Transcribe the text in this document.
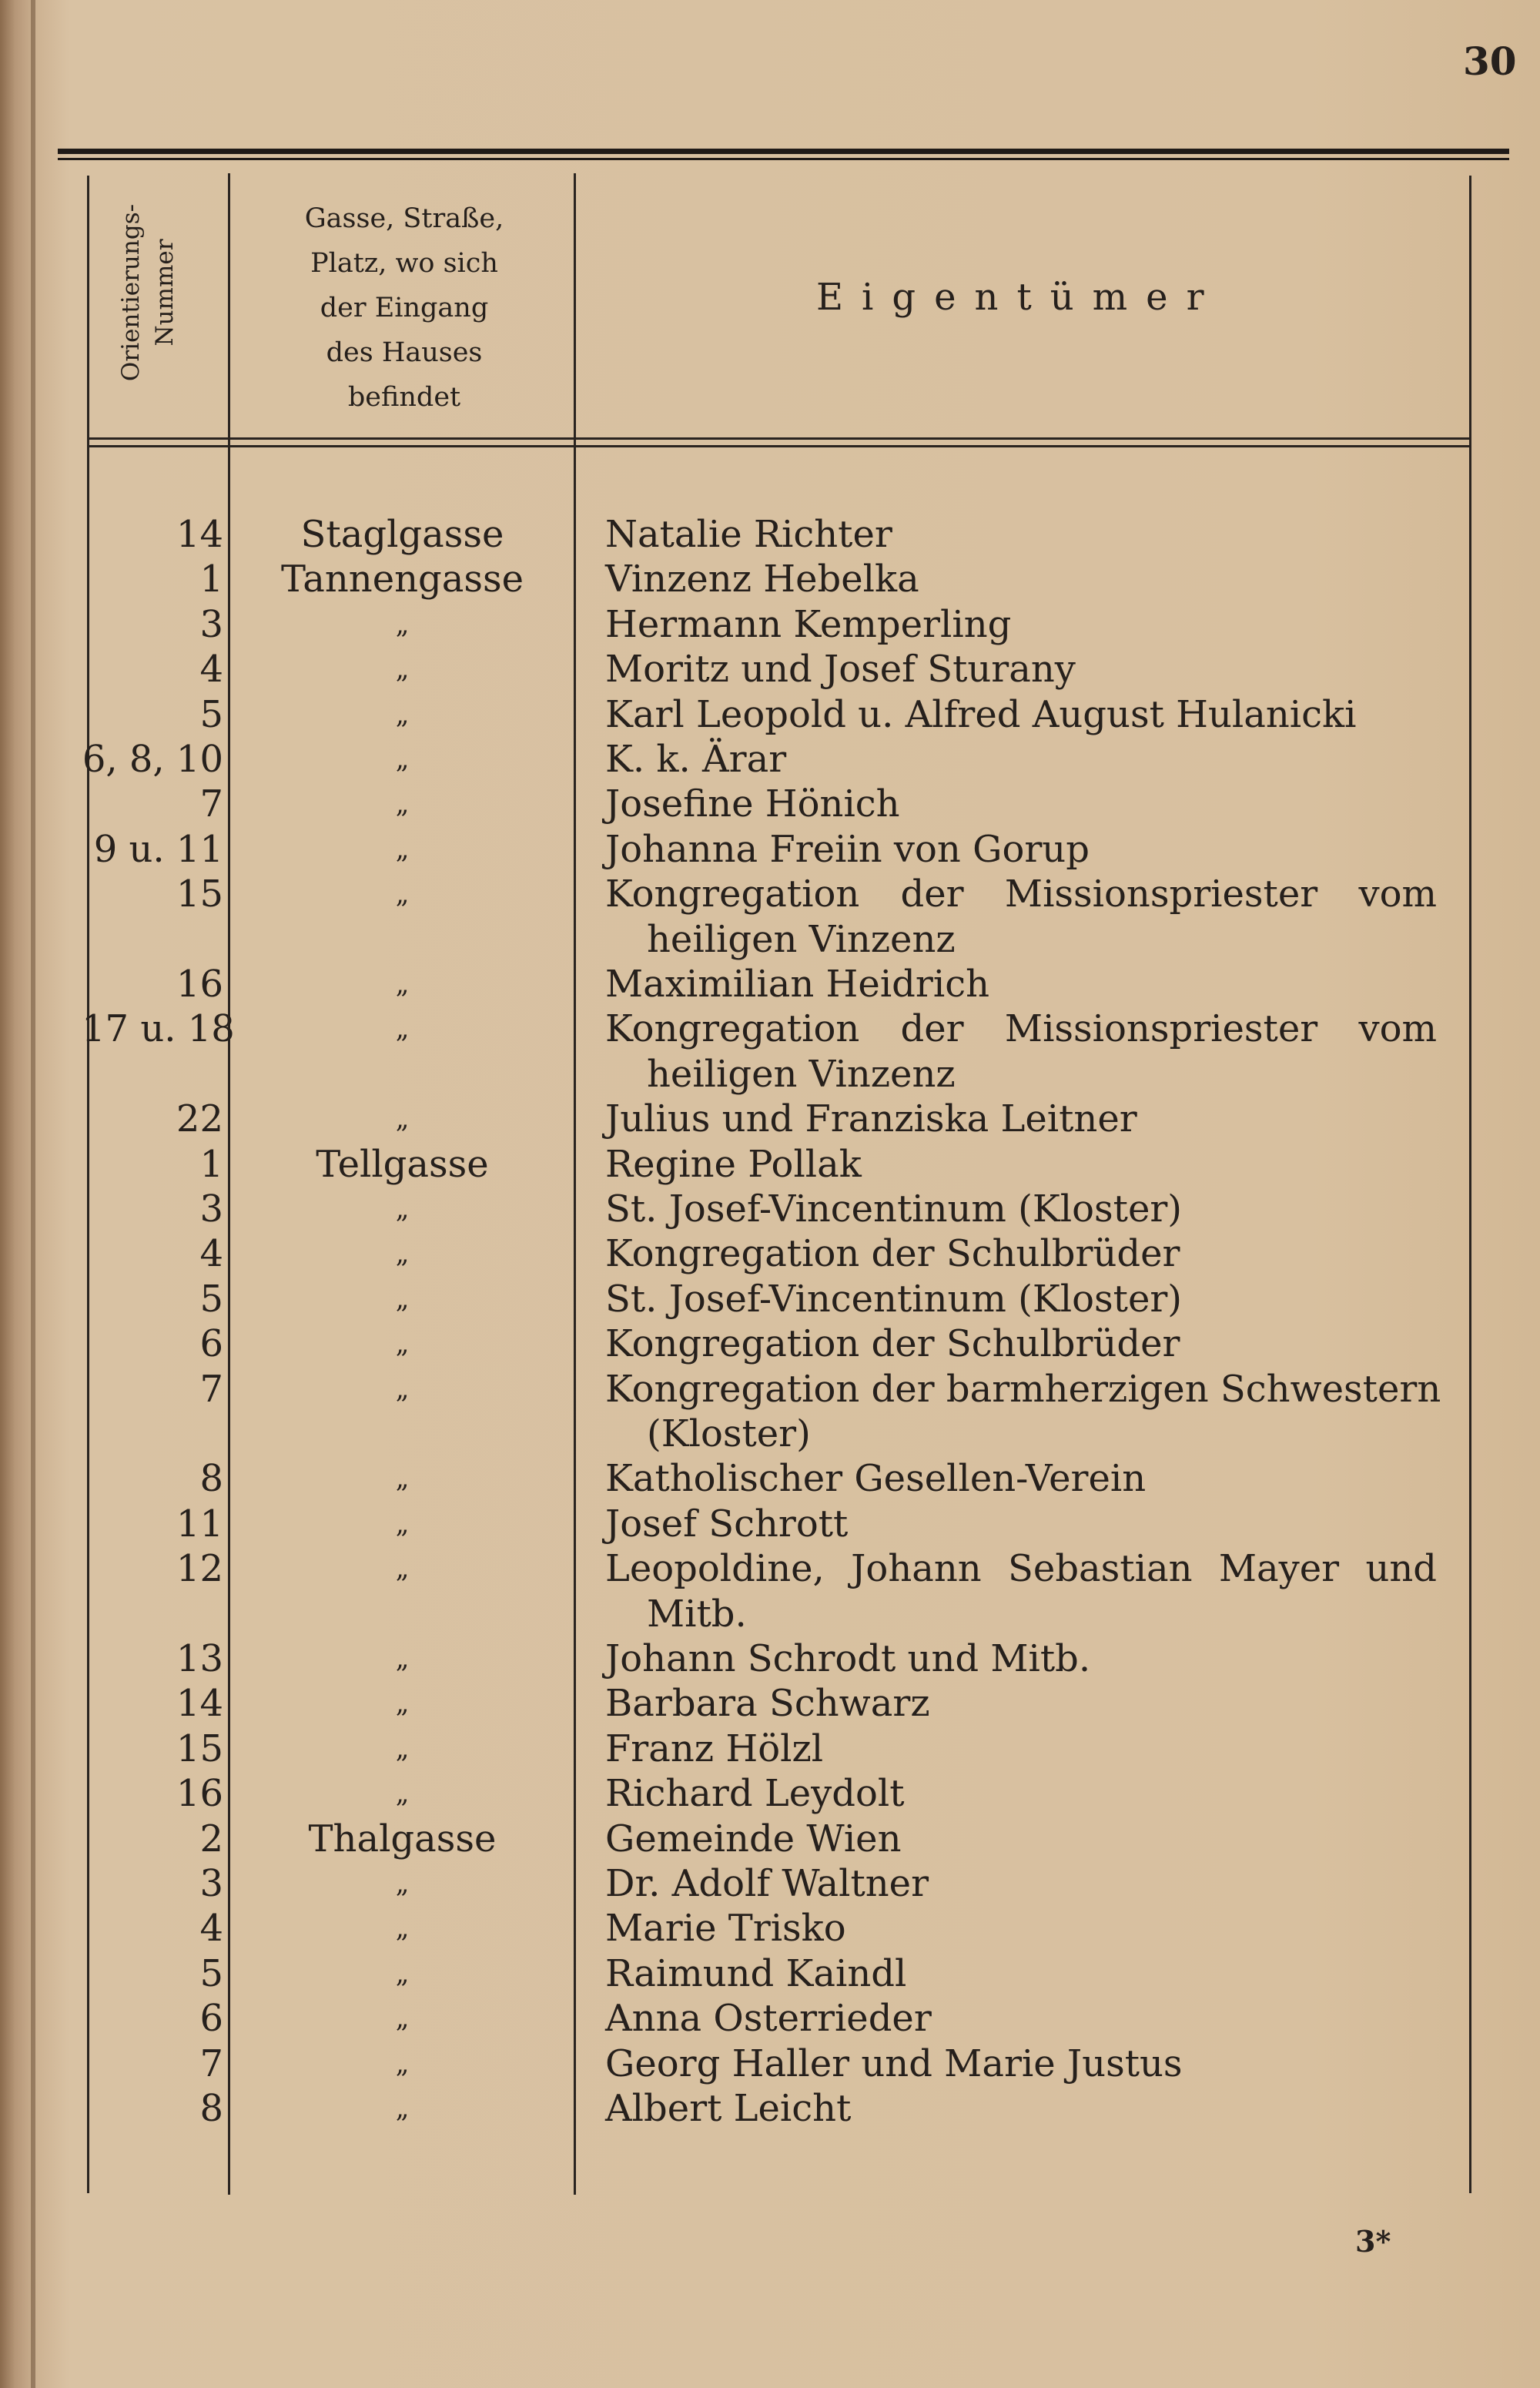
30
Orientierungs- Nummer
Gasse, Straße,
Platz, wo sich
der Eingang
des Hauses
befindet
Eigentümer
14	Staglgasse	Natalie Richter
1	Tannengasse	Vinzenz Hebelka
3	„	Hermann Kemperling
4	„	Moritz und Josef Sturany
5	„	Karl Leopold u. Alfred August Hulanicki
6, 8, 10	„	K. k. Ärar
7	„	Josefine Hönich
9 u. 11	„	Johanna Freiin von Gorup
15	„	Kongregation der Missionspriester vom
heiligen Vinzenz
16	„	Maximilian Heidrich
17 u. 18	„	Kongregation der Missionspriester vom
heiligen Vinzenz
22	„	Julius und Franziska Leitner
1	Tellgasse	Regine Pollak
3	„	St. Josef-Vincentinum (Kloster)
4	„	Kongregation der Schulbrüder
5	„	St. Josef-Vincentinum (Kloster)
6	„	Kongregation der Schulbrüder
7	„	Kongregation der barmherzigen Schwestern
(Kloster)
8	„	Katholischer Gesellen-Verein
11	„	Josef Schrott
12	„	Leopoldine, Johann Sebastian Mayer und
Mitb.
13	„	Johann Schrodt und Mitb.
14	„	Barbara Schwarz
15	„	Franz Hölzl
16	„	Richard Leydolt
2	Thalgasse	Gemeinde Wien
3	„	Dr. Adolf Waltner
4	„	Marie Trisko
5	„	Raimund Kaindl
6	„	Anna Osterrieder
7	„	Georg Haller und Marie Justus
8	„	Albert Leicht
3*
